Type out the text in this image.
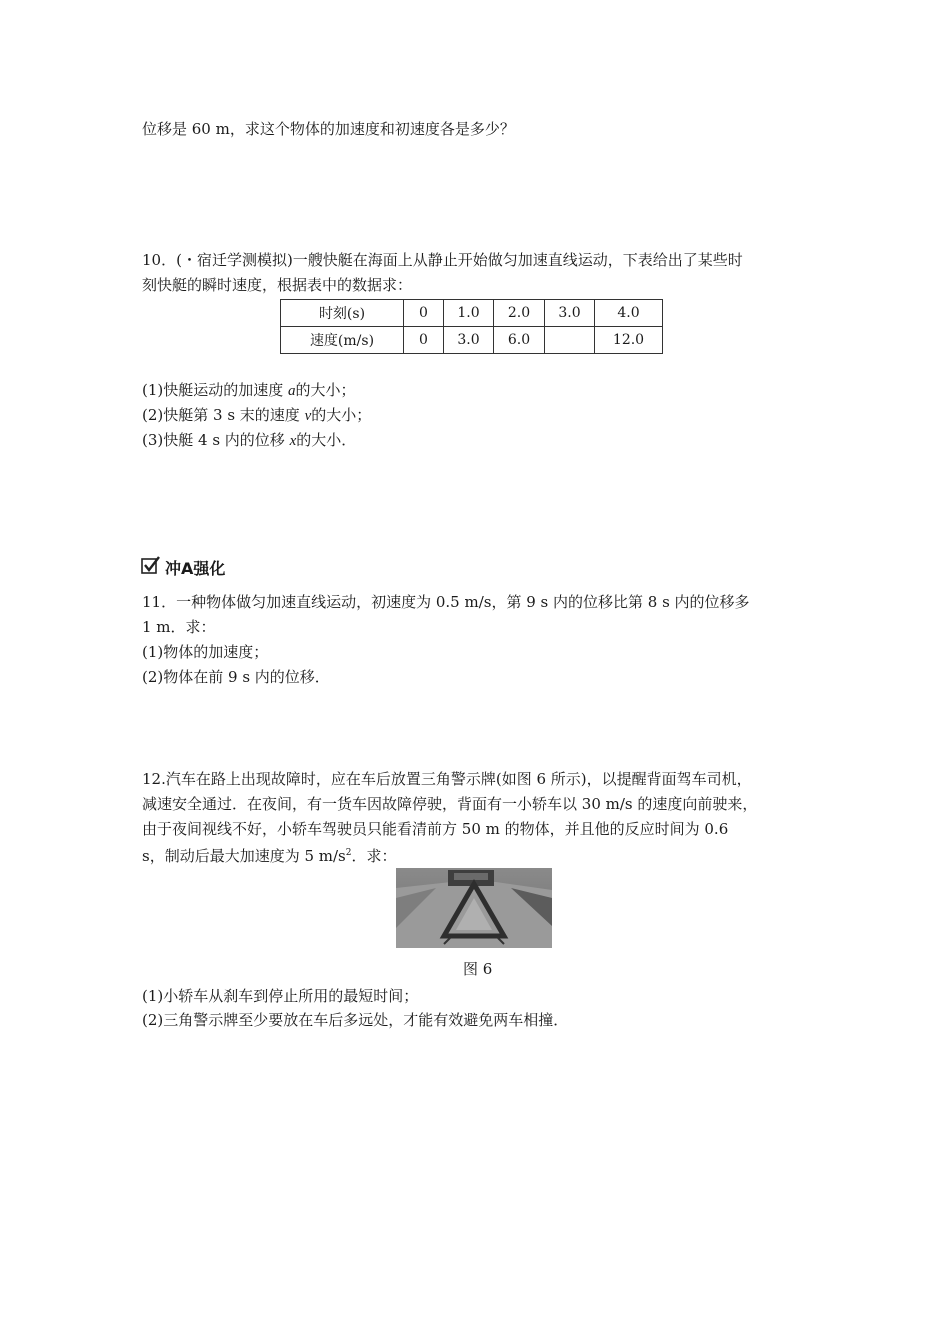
位移是 60 m，求这个物体的加速度和初速度各是多少？
10．(・宿迁学测模拟)一艘快艇在海面上从静止开始做匀加速直线运动，下表给出了某些时
刻快艇的瞬时速度，根据表中的数据求：
时刻(s)	0	1.0	2.0	3.0	4.0
速度(m/s)	0	3.0	6.0		12.0
(1)快艇运动的加速度 a的大小；
(2)快艇第 3 s 末的速度 v的大小；
(3)快艇 4 s 内的位移 x的大小．
冲A强化
11．一种物体做匀加速直线运动，初速度为 0.5 m/s，第 9 s 内的位移比第 8 s 内的位移多
1 m．求：
(1)物体的加速度；
(2)物体在前 9 s 内的位移．
12.汽车在路上出现故障时，应在车后放置三角警示牌(如图 6 所示)，以提醒背面驾车司机，
减速安全通过．在夜间，有一货车因故障停驶，背面有一小轿车以 30 m/s 的速度向前驶来，
由于夜间视线不好，小轿车驾驶员只能看清前方 50 m 的物体，并且他的反应时间为 0.6
s，制动后最大加速度为 5 $m/s^2$．求：
图 6
(1)小轿车从刹车到停止所用的最短时间；
(2)三角警示牌至少要放在车后多远处，才能有效避免两车相撞．
